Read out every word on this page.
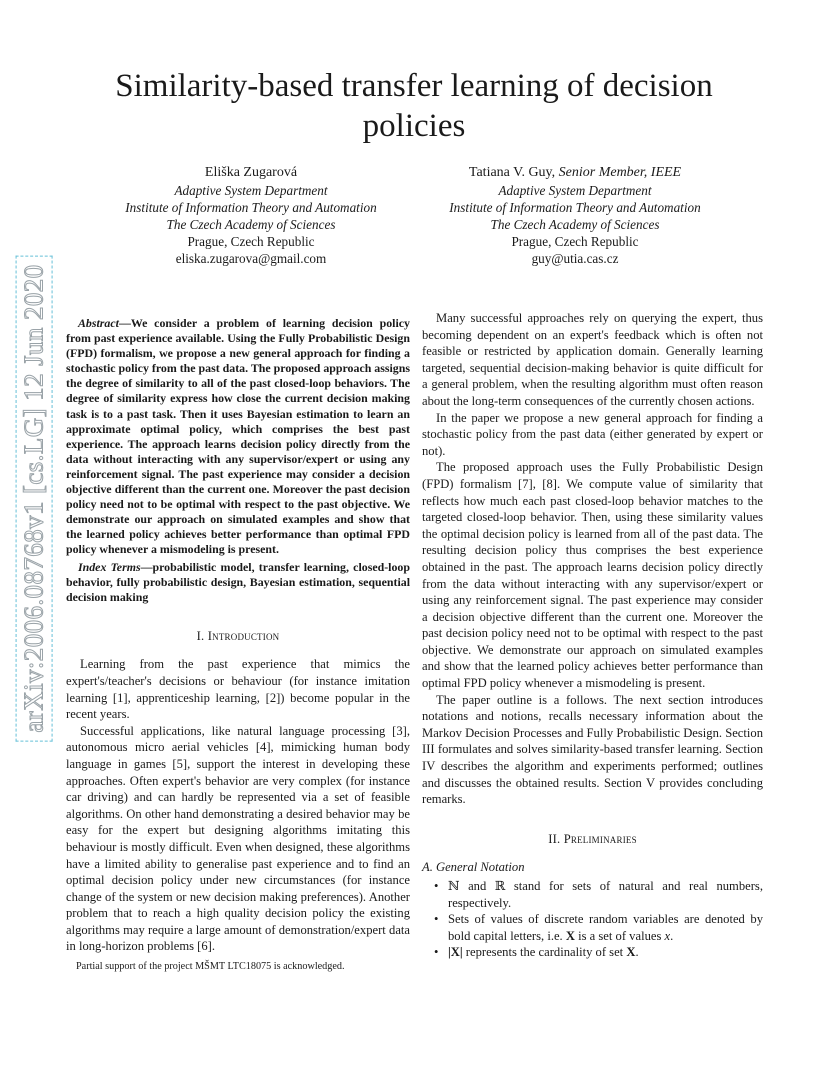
arXiv:2006.08768v1 [cs.LG] 12 Jun 2020
Similarity-based transfer learning of decision policies
Eliška Zugarová
Adaptive System Department
Institute of Information Theory and Automation
The Czech Academy of Sciences
Prague, Czech Republic
eliska.zugarova@gmail.com
Tatiana V. Guy, Senior Member, IEEE
Adaptive System Department
Institute of Information Theory and Automation
The Czech Academy of Sciences
Prague, Czech Republic
guy@utia.cas.cz

Abstract—We consider a problem of learning decision policy from past experience available. Using the Fully Probabilistic Design (FPD) formalism, we propose a new general approach for finding a stochastic policy from the past data. The proposed approach assigns the degree of similarity to all of the past closed-loop behaviors. The degree of similarity express how close the current decision making task is to a past task. Then it uses Bayesian estimation to learn an approximate optimal policy, which comprises the best past experience. The approach learns decision policy directly from the data without interacting with any supervisor/expert or using any reinforcement signal. The past experience may consider a decision objective different than the current one. Moreover the past decision policy need not to be optimal with respect to the past objective. We demonstrate our approach on simulated examples and show that the learned policy achieves better performance than optimal FPD policy whenever a mismodeling is present.

Index Terms—probabilistic model, transfer learning, closed-loop behavior, fully probabilistic design, Bayesian estimation, sequential decision making

I. Introduction

Learning from the past experience that mimics the expert's/teacher's decisions or behaviour (for instance imitation learning [1], apprenticeship learning, [2]) become popular in the recent years.

Successful applications, like natural language processing [3], autonomous micro aerial vehicles [4], mimicking human body language in games [5], support the interest in developing these approaches. Often expert's behavior are very complex (for instance car driving) and can hardly be represented via a set of feasible algorithms. On other hand demonstrating a desired behavior may be easy for the expert but designing algorithms imitating this behaviour is mostly difficult. Even when designed, these algorithms have a limited ability to generalise past experience and to find an optimal decision policy under new circumstances (for instance change of the system or new decision making preferences). Another problem that to reach a high quality decision policy the existing algorithms may require a large amount of demonstration/expert data in long-horizon problems [6].

Partial support of the project MŠMT LTC18075 is acknowledged.

Many successful approaches rely on querying the expert, thus becoming dependent on an expert's feedback which is often not feasible or restricted by application domain. Generally learning targeted, sequential decision-making behavior is quite difficult for a general problem, when the resulting algorithm must often reason about the long-term consequences of the currently chosen actions.

In the paper we propose a new general approach for finding a stochastic policy from the past data (either generated by expert or not).

The proposed approach uses the Fully Probabilistic Design (FPD) formalism [7], [8]. We compute value of similarity that reflects how much each past closed-loop behavior matches to the targeted closed-loop behavior. Then, using these similarity values the optimal decision policy is learned from all of the past data. The resulting decision policy thus comprises the best experience obtained in the past. The approach learns decision policy directly from the data without interacting with any supervisor/expert or using any reinforcement signal. The past experience may consider a decision objective different than the current one. Moreover the past decision policy need not to be optimal with respect to the past objective. We demonstrate our approach on simulated examples and show that the learned policy achieves better performance than optimal FPD policy whenever a mismodeling is present.

The paper outline is a follows. The next section introduces notations and notions, recalls necessary information about the Markov Decision Processes and Fully Probabilistic Design. Section III formulates and solves similarity-based transfer learning. Section IV describes the algorithm and experiments performed; outlines and discusses the obtained results. Section V provides concluding remarks.

II. Preliminaries
A. General Notation
• ℕ and ℝ stand for sets of natural and real numbers, respectively.
• Sets of values of discrete random variables are denoted by bold capital letters, i.e. X is a set of values x.
• |X| represents the cardinality of set X.
